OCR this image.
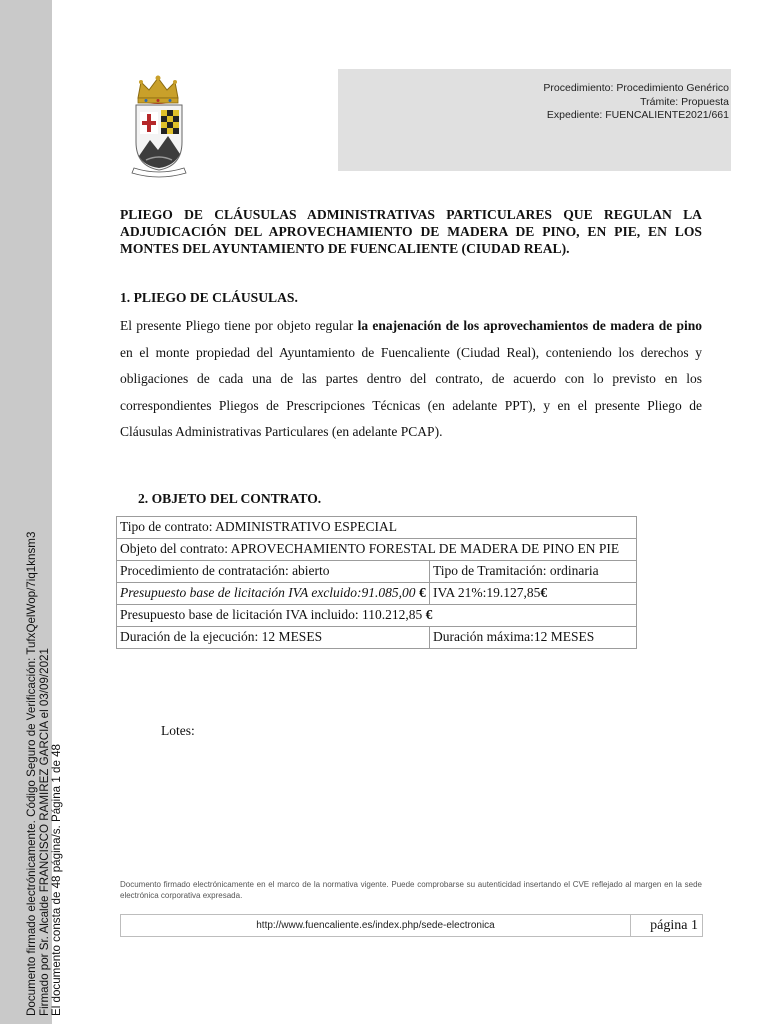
Documento firmado electrónicamente. Código Seguro de Verificación: TufxQelWop/7iq1knsm3 Firmado por Sr. Alcalde FRANCISCO RAMIREZ GARCIA el 03/09/2021 El documento consta de 48 página/s. Página 1 de 48
Procedimiento: Procedimiento Genérico
Trámite: Propuesta
Expediente: FUENCALIENTE2021/661
PLIEGO DE CLÁUSULAS ADMINISTRATIVAS PARTICULARES QUE REGULAN LA ADJUDICACIÓN DEL APROVECHAMIENTO DE MADERA DE PINO, EN PIE, EN LOS MONTES DEL AYUNTAMIENTO DE FUENCALIENTE (CIUDAD REAL).
1. PLIEGO DE CLÁUSULAS.

El presente Pliego tiene por objeto regular la enajenación de los aprovechamientos de madera de pino en el monte propiedad del Ayuntamiento de Fuencaliente (Ciudad Real), conteniendo los derechos y obligaciones de cada una de las partes dentro del contrato, de acuerdo con lo previsto en los correspondientes Pliegos de Prescripciones Técnicas (en adelante PPT), y en el presente Pliego de Cláusulas Administrativas Particulares (en adelante PCAP).

2. OBJETO DEL CONTRATO.
Tipo de contrato: ADMINISTRATIVO ESPECIAL	
Objeto del contrato: APROVECHAMIENTO FORESTAL DE MADERA DE PINO EN PIE	
Procedimiento de contratación: abierto	Tipo de Tramitación: ordinaria
Presupuesto base de licitación IVA excluido:91.085,00 €	IVA 21%:19.127,85€
Presupuesto base de licitación IVA incluido: 110.212,85 €	
Duración de la ejecución: 12 MESES	Duración máxima:12 MESES
Lotes:
Documento firmado electrónicamente en el marco de la normativa vigente. Puede comprobarse su autenticidad insertando el CVE reflejado al margen en la sede electrónica corporativa expresada.
http://www.fuencaliente.es/index.php/sede-electronica	página 1
